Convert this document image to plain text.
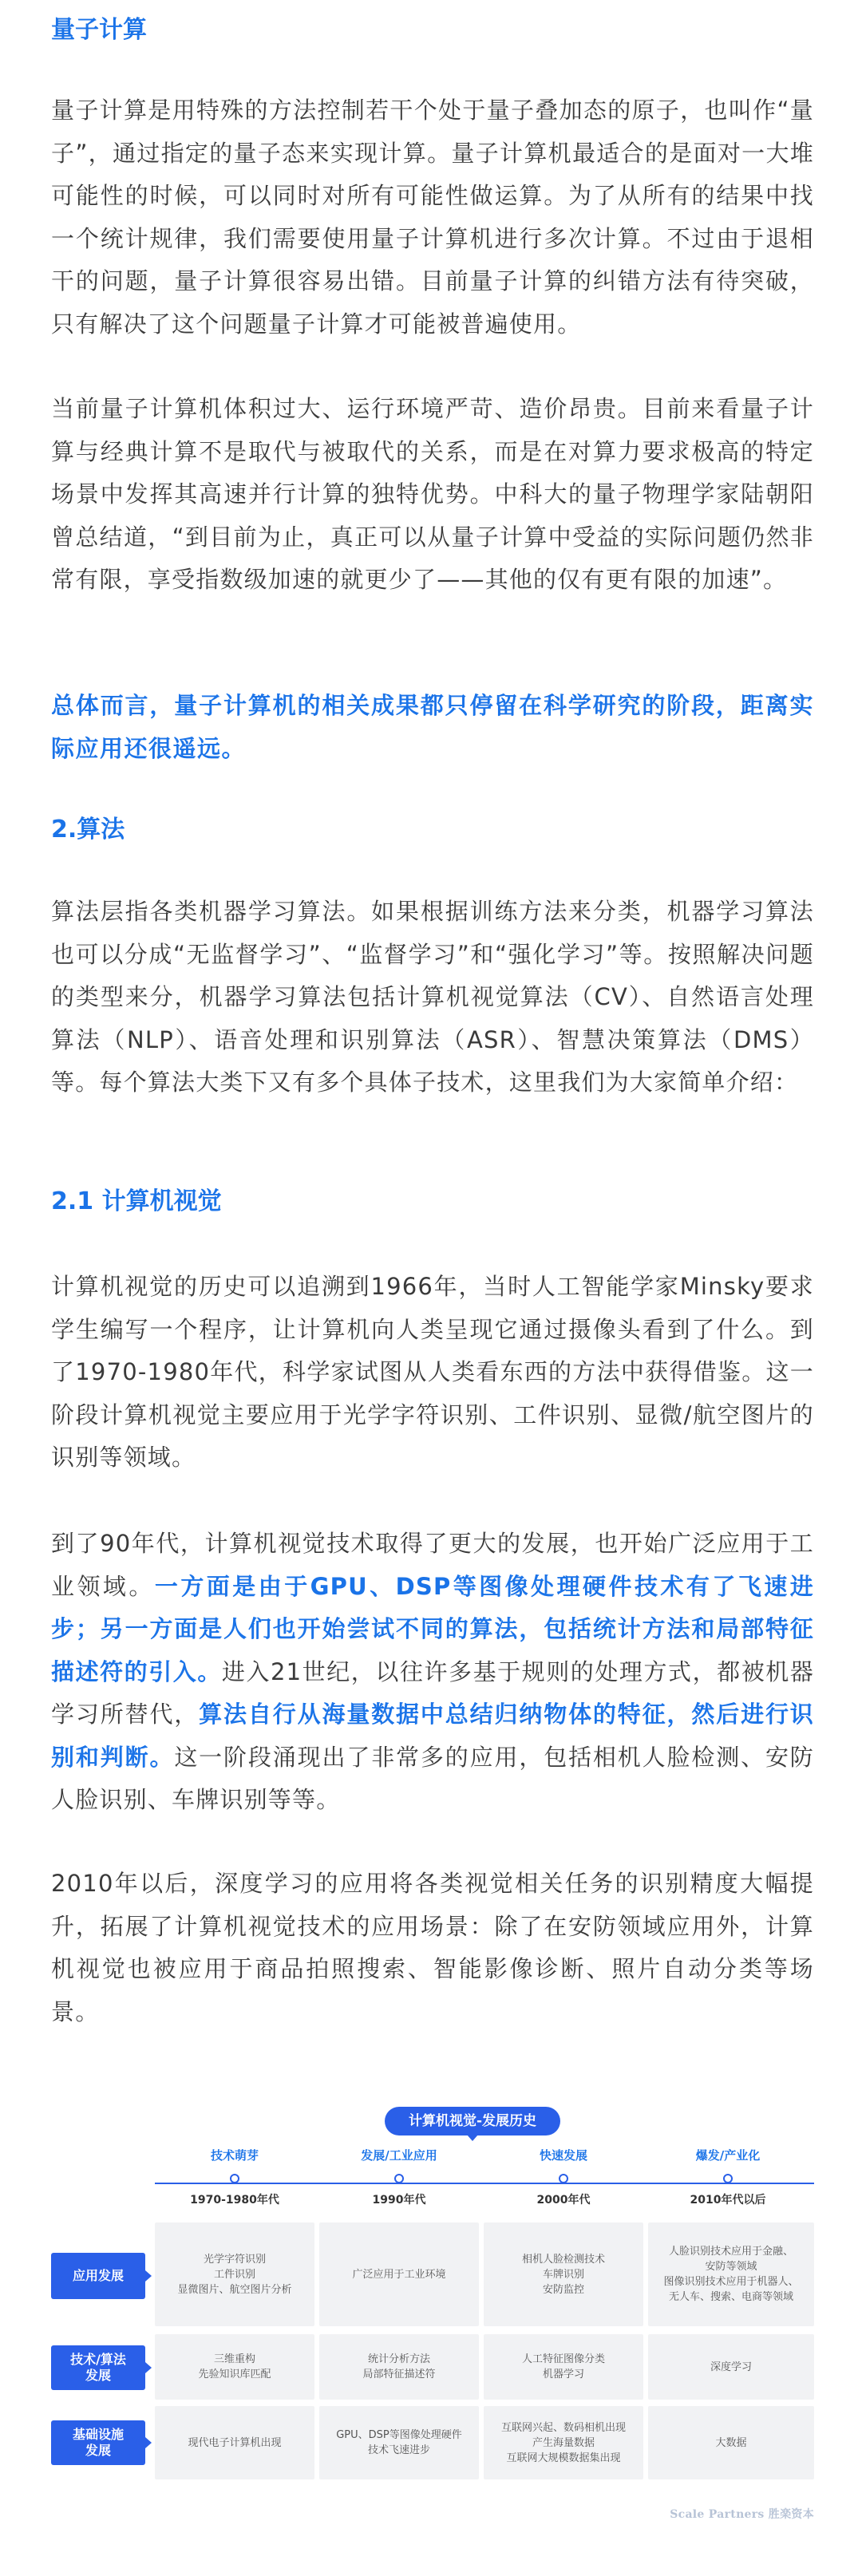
量子计算

量子计算是用特殊的方法控制若干个处于量子叠加态的原子，也叫作“量子”，通过指定的量子态来实现计算。量子计算机最适合的是面对一大堆可能性的时候，可以同时对所有可能性做运算。为了从所有的结果中找一个统计规律，我们需要使用量子计算机进行多次计算。不过由于退相干的问题，量子计算很容易出错。目前量子计算的纠错方法有待突破，只有解决了这个问题量子计算才可能被普遍使用。

当前量子计算机体积过大、运行环境严苛、造价昂贵。目前来看量子计算与经典计算不是取代与被取代的关系，而是在对算力要求极高的特定场景中发挥其高速并行计算的独特优势。中科大的量子物理学家陆朝阳曾总结道，“到目前为止，真正可以从量子计算中受益的实际问题仍然非常有限，享受指数级加速的就更少了——其他的仅有更有限的加速”。

总体而言，量子计算机的相关成果都只停留在科学研究的阶段，距离实际应用还很遥远。

2.算法

算法层指各类机器学习算法。如果根据训练方法来分类，机器学习算法也可以分成“无监督学习”、“监督学习”和“强化学习”等。按照解决问题的类型来分，机器学习算法包括计算机视觉算法（CV）、自然语言处理算法（NLP）、语音处理和识别算法（ASR）、智慧决策算法（DMS）等。每个算法大类下又有多个具体子技术，这里我们为大家简单介绍：

2.1 计算机视觉

计算机视觉的历史可以追溯到1966年，当时人工智能学家Minsky要求学生编写一个程序，让计算机向人类呈现它通过摄像头看到了什么。到了1970-1980年代，科学家试图从人类看东西的方法中获得借鉴。这一阶段计算机视觉主要应用于光学字符识别、工件识别、显微/航空图片的识别等领域。

到了90年代，计算机视觉技术取得了更大的发展，也开始广泛应用于工业领域。一方面是由于GPU、DSP等图像处理硬件技术有了飞速进步；另一方面是人们也开始尝试不同的算法，包括统计方法和局部特征描述符的引入。进入21世纪，以往许多基于规则的处理方式，都被机器学习所替代，算法自行从海量数据中总结归纳物体的特征，然后进行识别和判断。这一阶段涌现出了非常多的应用，包括相机人脸检测、安防人脸识别、车牌识别等等。

2010年以后，深度学习的应用将各类视觉相关任务的识别精度大幅提升，拓展了计算机视觉技术的应用场景：除了在安防领域应用外，计算机视觉也被应用于商品拍照搜索、智能影像诊断、照片自动分类等场景。

计算机视觉-发展历史
技术萌芽
1970-1980年代
发展/工业应用
1990年代
快速发展
2000年代
爆发/产业化
2010年代以后
应用发展
光学字符识别
工件识别
显微图片、航空图片分析
广泛应用于工业环境
相机人脸检测技术
车牌识别
安防监控
人脸识别技术应用于金融、
安防等领域
图像识别技术应用于机器人、
无人车、搜索、电商等领域
技术/算法
发展
三维重构
先验知识库匹配
统计分析方法
局部特征描述符
人工特征图像分类
机器学习
深度学习
基础设施
发展	现代电子计算机出现
GPU、DSP等图像处理硬件
技术飞速进步
互联网兴起、数码相机出现
产生海量数据
互联网大规模数据集出现
大数据
Scale Partners 胜楽资本
